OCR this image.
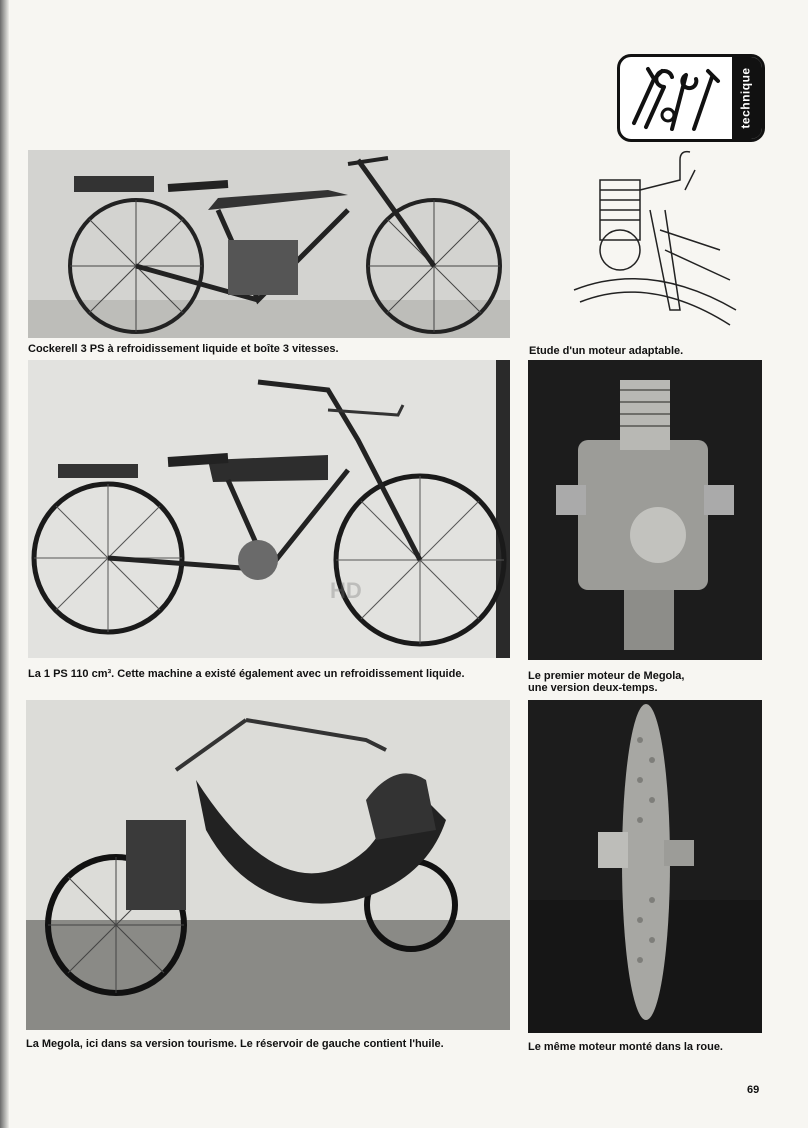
technique
Cockerell 3 PS à refroidissement liquide et boîte 3 vitesses.	Etude d'un moteur adaptable.
HD
La 1 PS 110 cm³. Cette machine a existé également avec un refroidissement liquide.	Le premier moteur de Megola,
une version deux-temps.
La Megola, ici dans sa version tourisme. Le réservoir de gauche contient l'huile.	Le même moteur monté dans la roue.
69
